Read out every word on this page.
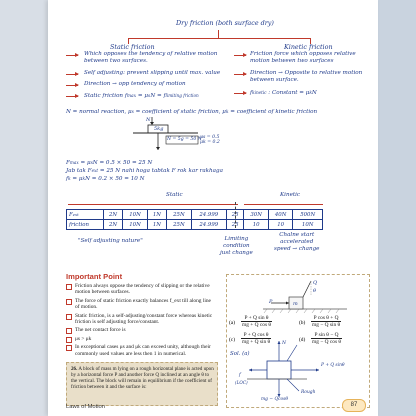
Dry friction (both surface dry)
Static friction	Kinetic friction
Which opposes the tendency of relative motion between two surfaces.
Self adjusting: prevent slipping until max. value
Direction → opp tendency of motion
Static friction fmax = μsN = flimiting friction
Friction force which opposes relative motion between two surfaces
Direction → Opposite to relative motion between surface.
fkinetic : Constant = μkN
N = normal reaction, μs = coefficient of static friction, μk = coefficient of kinetic friction
5kg
N
N = 5g = 50 N
μs = 0.5
μk = 0.2
Fmax = μsN = 0.5 × 50 = 25 N
Jab tak Fext = 25 N nahi hoga tabtak F rok kar rakhaga
fk = μkN = 0.2 × 50 = 10 N
Static	Kinetic
Fext	2N	10N	1N	25N	24.999	25	30N	40N	500N
friction	2N	10N	1N	25N	24.999	25	10	10	10N
"Self adjusting nature"	Limiting
condition
just change
Chalne start
accelerated
speed → change
Important Point
Friction always oppose the tendency of slipping or the relative motion between surfaces.
The force of static friction exactly balances f_ext till along line of motion.
Static friction, is a self-adjusting/constant force whereas kinetic friction is self adjusting force/constant.
The net contact force is
μs > μk
In exceptional cases μs and μk can exceed unity, although their commonly used values are less then 1 in numerical.
26. A block of mass m lying on a rough horizontal plane is acted upon by a horizontal force P and another force Q inclined at an angle θ to the vertical. The block will remain in equilibrium if the coefficient of friction between it and the surface is:
P
Q
θ
m
$(a) \frac{\text{P + Q sin θ}}{\text{mg + Q cos θ}}$	$(b) \frac{\text{P cos θ + Q}}{\text{mg − Q sin θ}}$
$(c) \frac{\text{P + Q cos θ}}{\text{mg + Q sin θ}}$	$(d) \frac{\text{P sin θ − Q}}{\text{mg − Q cos θ}}$
Sol. (a)
N
P + Q sinθ
f
(LOC)
mg − Qcosθ
Rough
Laws of Motion	87
